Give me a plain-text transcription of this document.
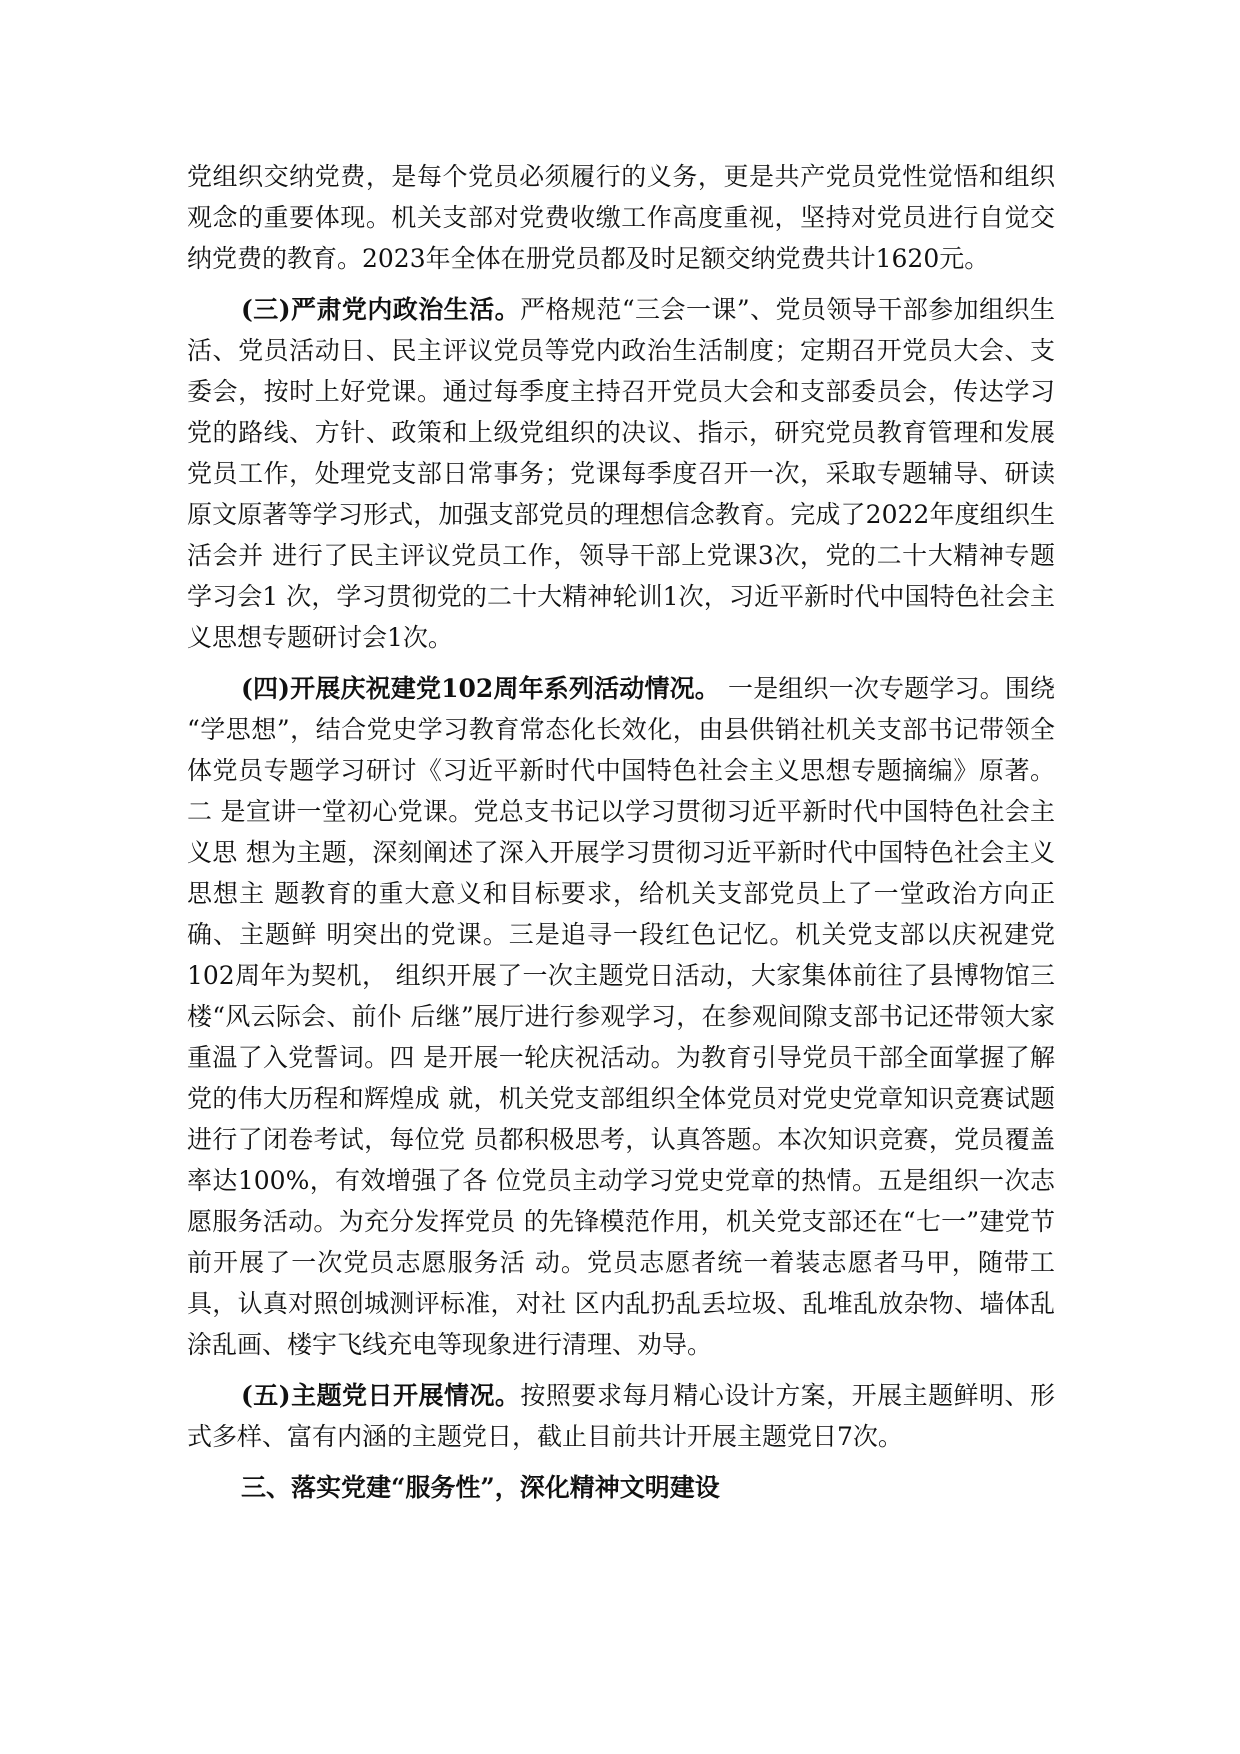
党组织交纳党费，是每个党员必须履行的义务，更是共产党员党性觉悟和组织观念的重要体现。机关支部对党费收缴工作高度重视，坚持对党员进行自觉交纳党费的教育。2023年全体在册党员都及时足额交纳党费共计1620元。

(三)严肃党内政治生活。严格规范“三会一课”、党员领导干部参加组织生活、党员活动日、民主评议党员等党内政治生活制度；定期召开党员大会、支委会，按时上好党课。通过每季度主持召开党员大会和支部委员会，传达学习党的路线、方针、政策和上级党组织的决议、指示，研究党员教育管理和发展党员工作，处理党支部日常事务；党课每季度召开一次，采取专题辅导、研读原文原著等学习形式，加强支部党员的理想信念教育。完成了2022年度组织生活会并 进行了民主评议党员工作，领导干部上党课3次，党的二十大精神专题学习会1 次，学习贯彻党的二十大精神轮训1次，习近平新时代中国特色社会主义思想专题研讨会1次。

(四)开展庆祝建党102周年系列活动情况。 一是组织一次专题学习。围绕 “学思想”，结合党史学习教育常态化长效化，由县供销社机关支部书记带领全 体党员专题学习研讨《习近平新时代中国特色社会主义思想专题摘编》原著。二 是宣讲一堂初心党课。党总支书记以学习贯彻习近平新时代中国特色社会主义思 想为主题，深刻阐述了深入开展学习贯彻习近平新时代中国特色社会主义思想主 题教育的重大意义和目标要求，给机关支部党员上了一堂政治方向正确、主题鲜 明突出的党课。三是追寻一段红色记忆。机关党支部以庆祝建党102周年为契机， 组织开展了一次主题党日活动，大家集体前往了县博物馆三楼“风云际会、前仆 后继”展厅进行参观学习，在参观间隙支部书记还带领大家重温了入党誓词。四 是开展一轮庆祝活动。为教育引导党员干部全面掌握了解党的伟大历程和辉煌成 就，机关党支部组织全体党员对党史党章知识竞赛试题进行了闭卷考试，每位党 员都积极思考，认真答题。本次知识竞赛，党员覆盖率达100%，有效增强了各 位党员主动学习党史党章的热情。五是组织一次志愿服务活动。为充分发挥党员 的先锋模范作用，机关党支部还在“七一”建党节前开展了一次党员志愿服务活 动。党员志愿者统一着装志愿者马甲，随带工具，认真对照创城测评标准，对社 区内乱扔乱丢垃圾、乱堆乱放杂物、墙体乱涂乱画、楼宇飞线充电等现象进行清理、劝导。

(五)主题党日开展情况。按照要求每月精心设计方案，开展主题鲜明、形式多样、富有内涵的主题党日，截止目前共计开展主题党日7次。

三、落实党建“服务性”，深化精神文明建设
